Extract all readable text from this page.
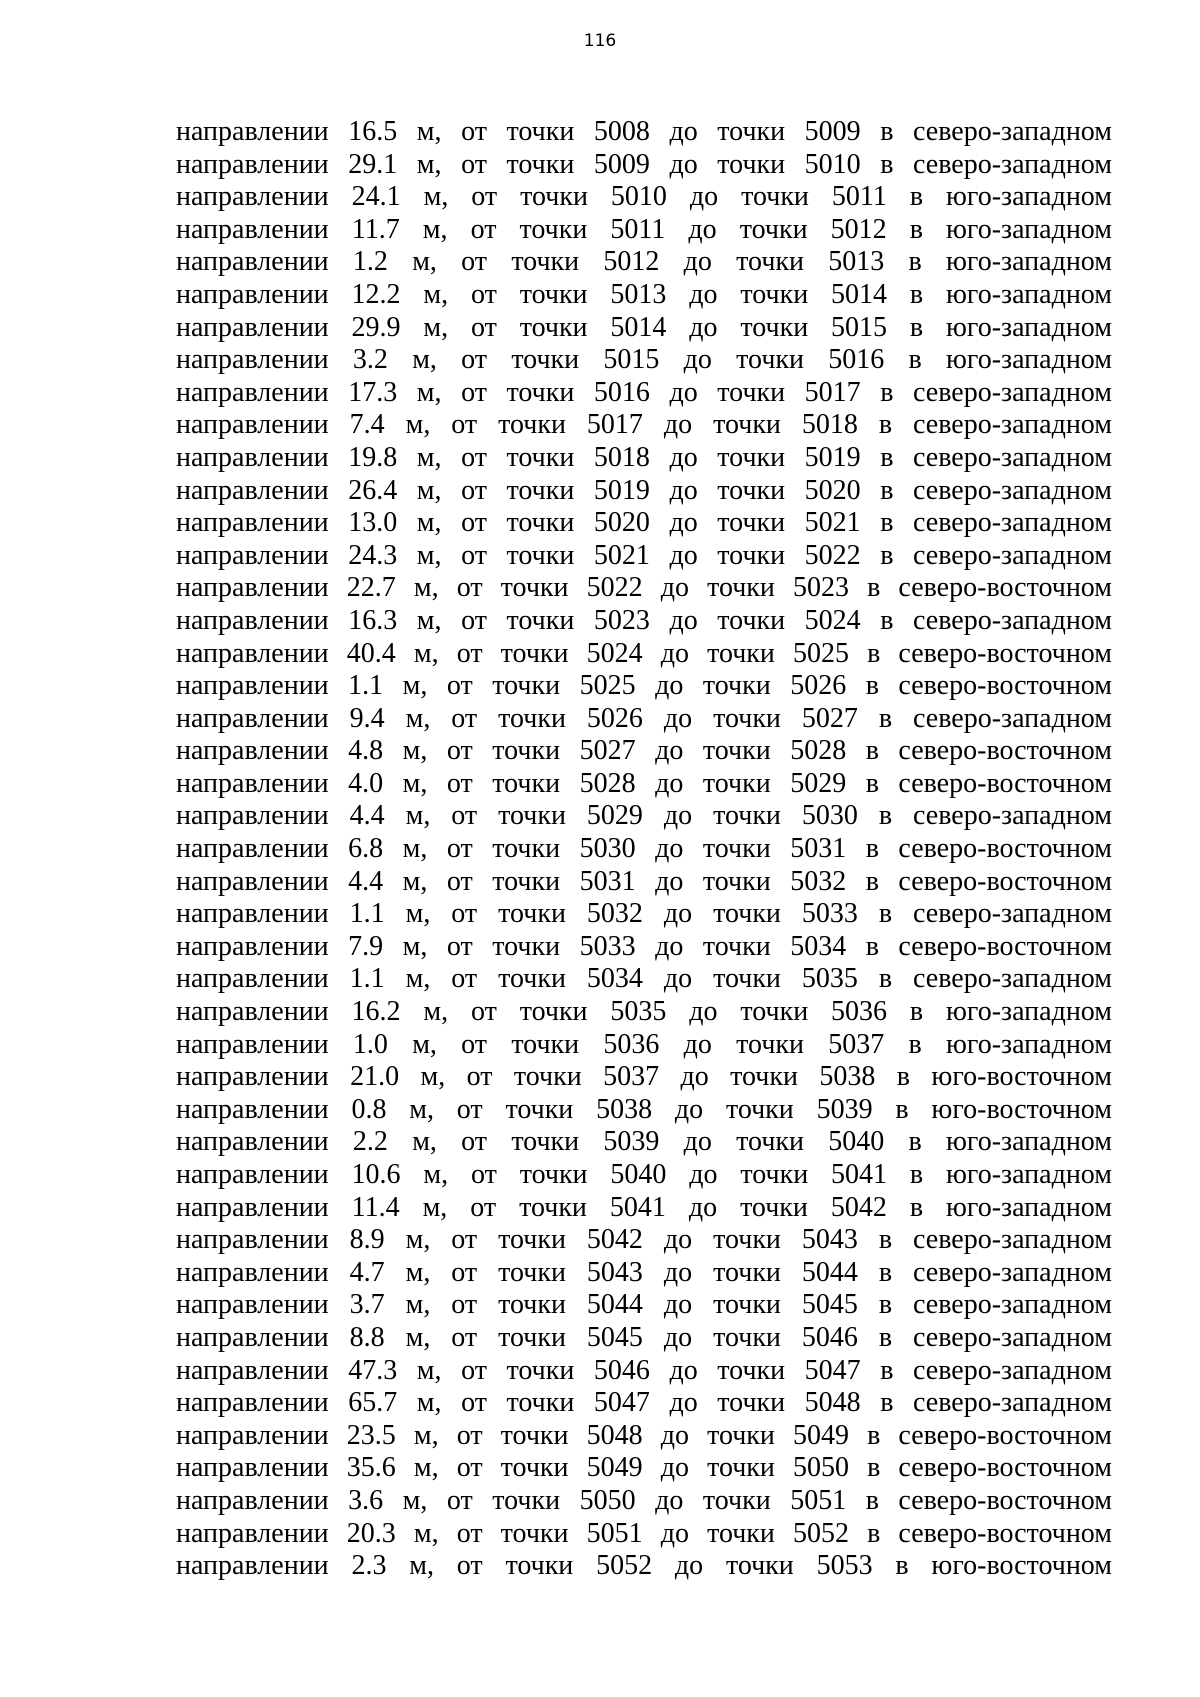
116
направлении 16.5 м, от точки 5008 до точки 5009 в северо-западном
направлении 29.1 м, от точки 5009 до точки 5010 в северо-западном
направлении 24.1 м, от точки 5010 до точки 5011 в юго-западном
направлении 11.7 м, от точки 5011 до точки 5012 в юго-западном
направлении 1.2 м, от точки 5012 до точки 5013 в юго-западном
направлении 12.2 м, от точки 5013 до точки 5014 в юго-западном
направлении 29.9 м, от точки 5014 до точки 5015 в юго-западном
направлении 3.2 м, от точки 5015 до точки 5016 в юго-западном
направлении 17.3 м, от точки 5016 до точки 5017 в северо-западном
направлении 7.4 м, от точки 5017 до точки 5018 в северо-западном
направлении 19.8 м, от точки 5018 до точки 5019 в северо-западном
направлении 26.4 м, от точки 5019 до точки 5020 в северо-западном
направлении 13.0 м, от точки 5020 до точки 5021 в северо-западном
направлении 24.3 м, от точки 5021 до точки 5022 в северо-западном
направлении 22.7 м, от точки 5022 до точки 5023 в северо-восточном
направлении 16.3 м, от точки 5023 до точки 5024 в северо-западном
направлении 40.4 м, от точки 5024 до точки 5025 в северо-восточном
направлении 1.1 м, от точки 5025 до точки 5026 в северо-восточном
направлении 9.4 м, от точки 5026 до точки 5027 в северо-западном
направлении 4.8 м, от точки 5027 до точки 5028 в северо-восточном
направлении 4.0 м, от точки 5028 до точки 5029 в северо-восточном
направлении 4.4 м, от точки 5029 до точки 5030 в северо-западном
направлении 6.8 м, от точки 5030 до точки 5031 в северо-восточном
направлении 4.4 м, от точки 5031 до точки 5032 в северо-восточном
направлении 1.1 м, от точки 5032 до точки 5033 в северо-западном
направлении 7.9 м, от точки 5033 до точки 5034 в северо-восточном
направлении 1.1 м, от точки 5034 до точки 5035 в северо-западном
направлении 16.2 м, от точки 5035 до точки 5036 в юго-западном
направлении 1.0 м, от точки 5036 до точки 5037 в юго-западном
направлении 21.0 м, от точки 5037 до точки 5038 в юго-восточном
направлении 0.8 м, от точки 5038 до точки 5039 в юго-восточном
направлении 2.2 м, от точки 5039 до точки 5040 в юго-западном
направлении 10.6 м, от точки 5040 до точки 5041 в юго-западном
направлении 11.4 м, от точки 5041 до точки 5042 в юго-западном
направлении 8.9 м, от точки 5042 до точки 5043 в северо-западном
направлении 4.7 м, от точки 5043 до точки 5044 в северо-западном
направлении 3.7 м, от точки 5044 до точки 5045 в северо-западном
направлении 8.8 м, от точки 5045 до точки 5046 в северо-западном
направлении 47.3 м, от точки 5046 до точки 5047 в северо-западном
направлении 65.7 м, от точки 5047 до точки 5048 в северо-западном
направлении 23.5 м, от точки 5048 до точки 5049 в северо-восточном
направлении 35.6 м, от точки 5049 до точки 5050 в северо-восточном
направлении 3.6 м, от точки 5050 до точки 5051 в северо-восточном
направлении 20.3 м, от точки 5051 до точки 5052 в северо-восточном
направлении 2.3 м, от точки 5052 до точки 5053 в юго-восточном
